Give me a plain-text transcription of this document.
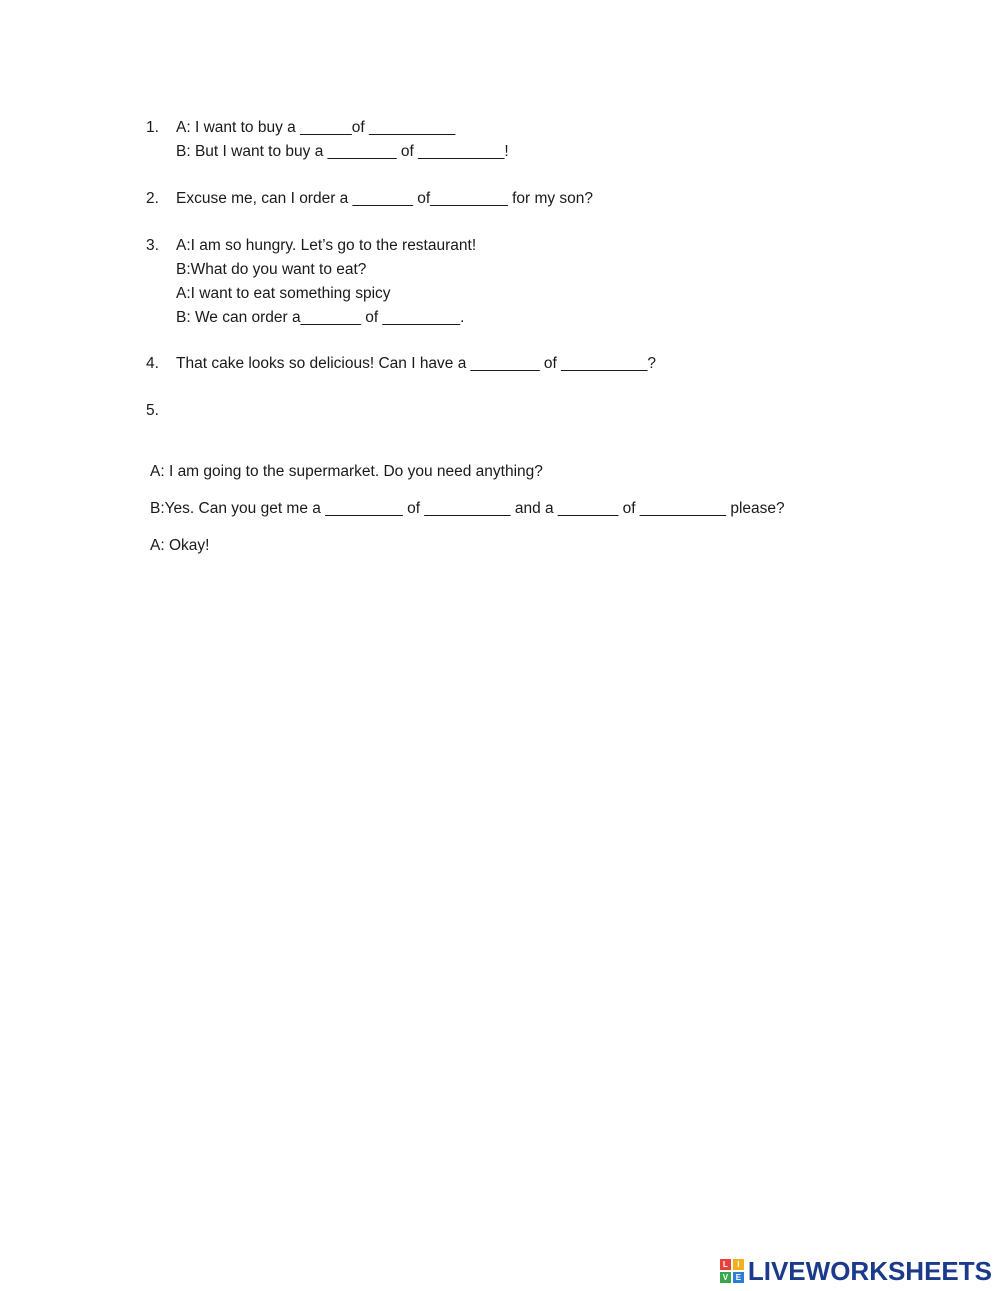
1.	A: I want to buy a ______of __________
B: But I want to buy a ________ of __________!
2.	Excuse me, can I order a _______ of_________ for my son?
3.	A:I am so hungry. Let’s go to the restaurant!
B:What do you want to eat?
A:I want to eat something spicy
B: We can order a_______ of _________.
4.	That cake looks so delicious! Can I have a ________ of __________?
5.
A: I am going to the supermarket. Do you need anything?
B:Yes. Can you get me a _________ of __________ and a _______ of __________ please?
A: Okay!
L	I
V E LIVEWORKSHEETS
